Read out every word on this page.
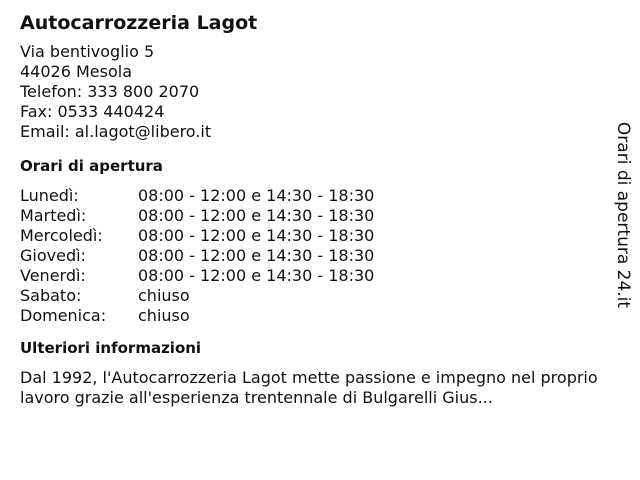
Autocarrozzeria Lagot
Via bentivoglio 5
44026 Mesola
Telefon: 333 800 2070
Fax: 0533 440424
Email: al.lagot@libero.it
Orari di apertura
Lunedì:	08:00 - 12:00 e 14:30 - 18:30
Martedì:	08:00 - 12:00 e 14:30 - 18:30
Mercoledì: 08:00 - 12:00 e 14:30 - 18:30
Giovedì:	08:00 - 12:00 e 14:30 - 18:30
Venerdì:	08:00 - 12:00 e 14:30 - 18:30
Sabato:	chiuso
Domenica: chiuso
Ulteriori informazioni
Dal 1992, l'Autocarrozzeria Lagot mette passione e impegno nel proprio lavoro grazie all'esperienza trentennale di Bulgarelli Gius...
Orari di apertura 24.it
